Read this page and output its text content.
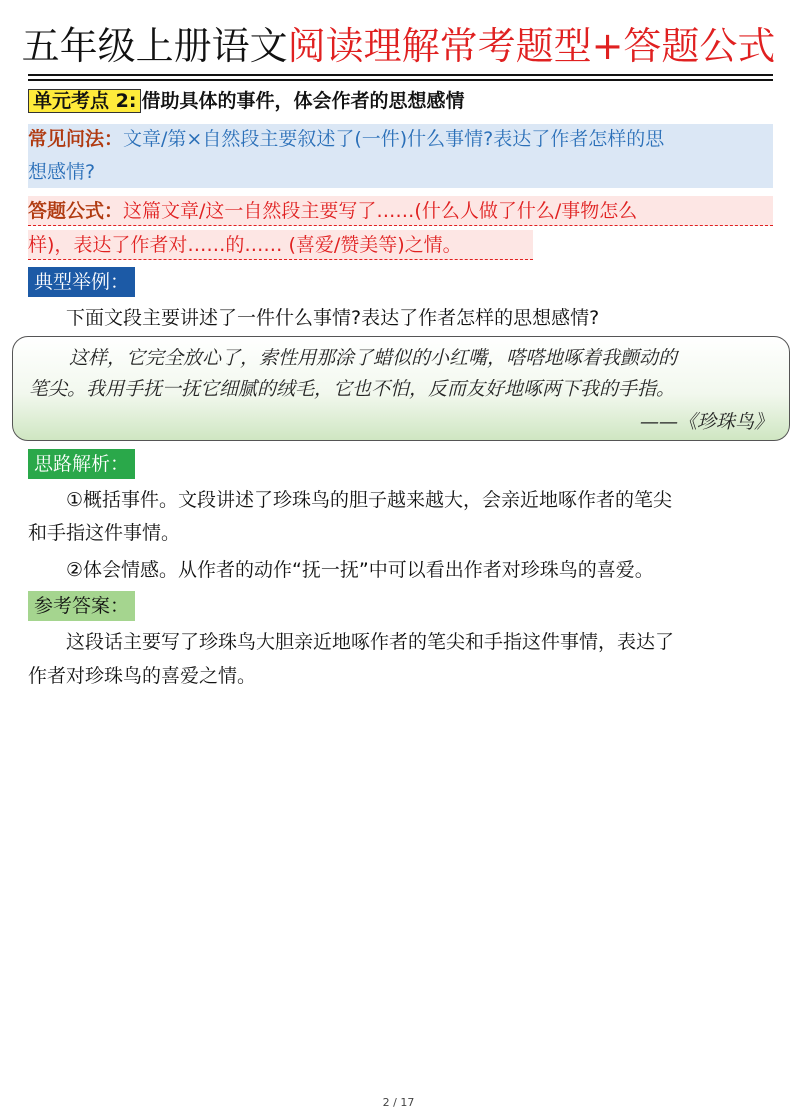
五年级上册语文阅读理解常考题型+答题公式
单元考点 2: 借助具体的事件，体会作者的思想感情
常见问法：文章/第×自然段主要叙述了(一件)什么事情?表达了作者怎样的思
想感情?
答题公式：这篇文章/这一自然段主要写了……(什么人做了什么/事物怎么
样)，表达了作者对……的…… (喜爱/赞美等)之情。
典型举例：
下面文段主要讲述了一件什么事情?表达了作者怎样的思想感情?
这样，它完全放心了，索性用那涂了蜡似的小红嘴，嗒嗒地啄着我颤动的
笔尖。我用手抚一抚它细腻的绒毛，它也不怕，反而友好地啄两下我的手指。
——《珍珠鸟》
思路解析：
①概括事件。文段讲述了珍珠鸟的胆子越来越大，会亲近地啄作者的笔尖
和手指这件事情。
②体会情感。从作者的动作“抚一抚”中可以看出作者对珍珠鸟的喜爱。
参考答案：
这段话主要写了珍珠鸟大胆亲近地啄作者的笔尖和手指这件事情，表达了
作者对珍珠鸟的喜爱之情。
2 / 17
